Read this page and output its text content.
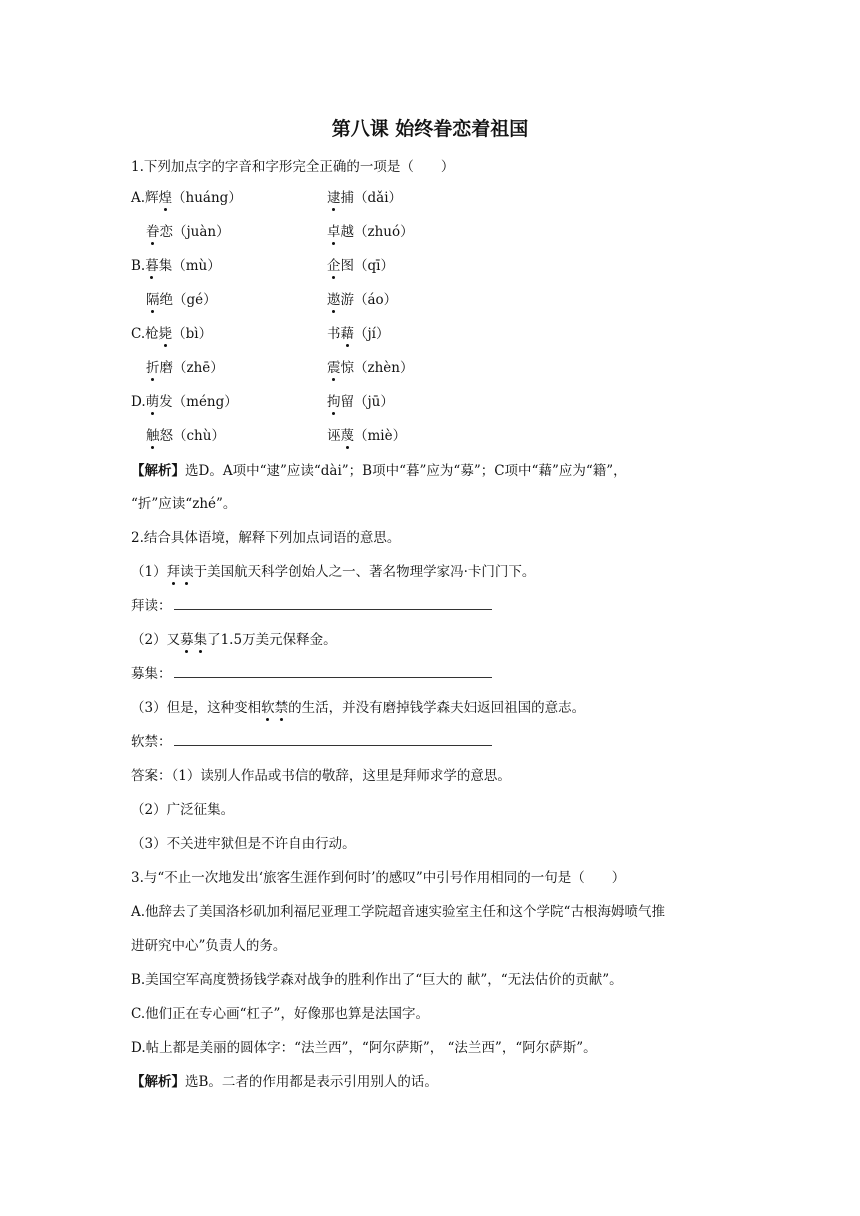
第八课 始终眷恋着祖国
1.下列加点字的字音和字形完全正确的一项是（　　）
A.辉煌（huáng）	逮捕（dǎi）
眷恋（juàn）	卓越（zhuó）
B.暮集（mù）	企图（qī）
隔绝（gé）	遨游（áo）
C.枪毙（bì）	书藉（jí）
折磨（zhē）	震惊（zhèn）
D.萌发（méng）	拘留（jū）
触怒（chù）	诬蔑（miè）
【解析】选D。A项中“逮”应读“dài”；B项中“暮”应为“募”；C项中“藉”应为“籍”，
“折”应读“zhé”。
2.结合具体语境，解释下列加点词语的意思。
（1）拜读于美国航天科学创始人之一、著名物理学家冯·卡门门下。
拜读：
（2）又募集了1.5万美元保释金。
募集：
（3）但是，这种变相软禁的生活，并没有磨掉钱学森夫妇返回祖国的意志。
软禁：
答案：（1）读别人作品或书信的敬辞，这里是拜师求学的意思。
（2）广泛征集。
（3）不关进牢狱但是不许自由行动。
3.与“不止一次地发出‘旅客生涯作到何时’的感叹”中引号作用相同的一句是（　　）
A.他辞去了美国洛杉矶加利福尼亚理工学院超音速实验室主任和这个学院“古根海姆喷气推
进研究中心”负责人的务。
B.美国空军高度赞扬钱学森对战争的胜利作出了“巨大的 献”，“无法估价的贡献”。
C.他们正在专心画“杠子”，好像那也算是法国字。
D.帖上都是美丽的圆体字：“法兰西”，“阿尔萨斯”， “法兰西”，“阿尔萨斯”。
【解析】选B。二者的作用都是表示引用别人的话。
